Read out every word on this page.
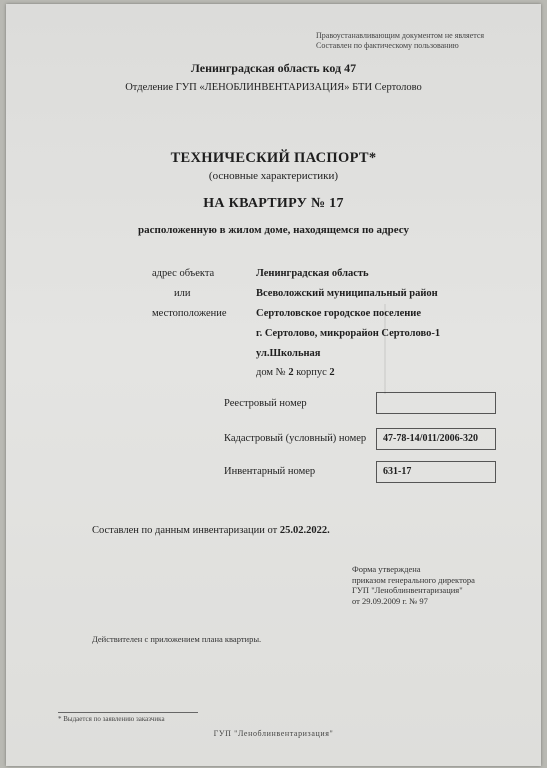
Правоустанавливающим документом не является
Составлен по фактическому пользованию
Ленинградская область код 47
Отделение ГУП «ЛЕНОБЛИНВЕНТАРИЗАЦИЯ» БТИ Сертолово
ТЕХНИЧЕСКИЙ ПАСПОРТ*
(основные характеристики)
НА КВАРТИРУ № 17
расположенную в жилом доме, находящемся по адресу
адрес объекта
или
местоположение
Ленинградская область
Всеволожский муниципальный район
Сертоловское городское поселение
г. Сертолово, микрорайон Сертолово-1
ул.Школьная
дом № 2 корпус 2
Реестровый номер
Кадастровый (условный) номер	47-78-14/011/2006-320
Инвентарный номер	631-17
Составлен по данным инвентаризации от 25.02.2022.
Форма утверждена
приказом генерального директора
ГУП "Леноблинвентаризация"
от 29.09.2009 г. № 97
Действителен с приложением плана квартиры.
* Выдается по заявлению заказчика
ГУП "Леноблинвентаризация"
